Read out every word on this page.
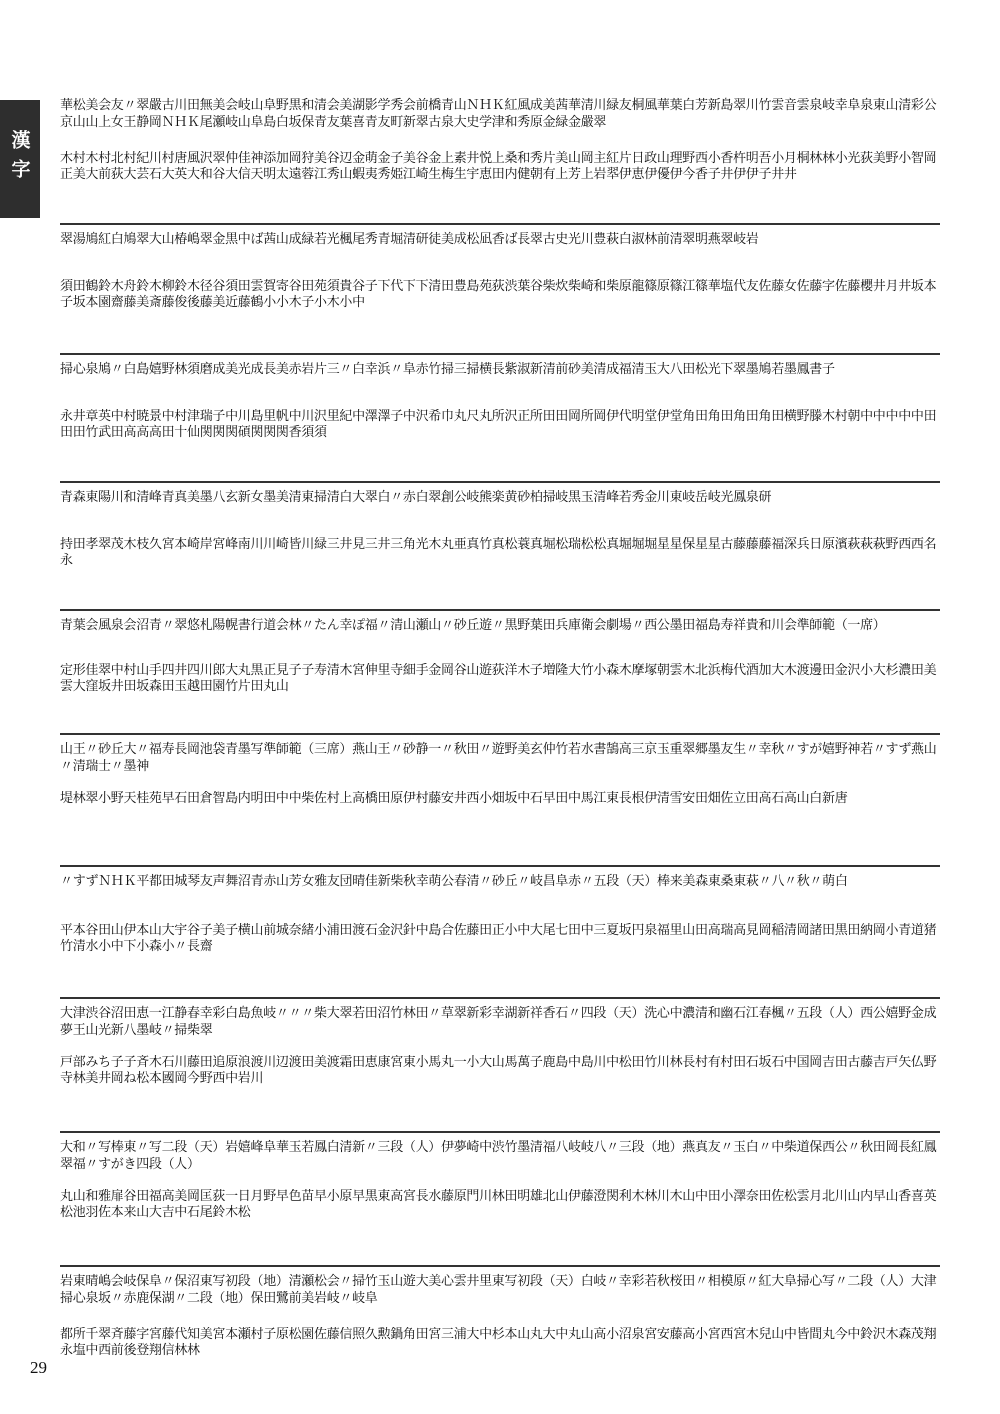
漢字
華松美会友〃翠嚴古川田無美会岐山阜野黒和清会美湖影学秀会前橋青山ＮＨＫ紅風成美茜華清川緑友桐風華葉白芳新島翠川竹雲音雲泉岐幸阜泉東山清彩公京山山上女王静岡ＮＨＫ尾瀬岐山阜島白坂保青友葉喜青友町新翠古泉大史学津和秀原金緑金嚴翠
木村木村北村紀川村唐風沢翠仲佳神添加岡狩美谷辺金萌金子美谷金上素井悦上桑和秀片美山岡主紅片日政山理野西小香杵明吾小月桐林林小光荻美野小智岡正美大前荻大芸石大英大和谷大信天明太遠蓉江秀山蝦夷秀姫江崎生梅生宇恵田内健朝有上芳上岩翆伊恵伊優伊今香子井伊伊子井井
翠湯鳩紅白鳩翠大山椿嶋翠金黒中ば茜山成緑若光楓尾秀青堀清研徒美成松凪香ば長翠古史光川豊萩白淑林前清翠明燕翠岐岩
須田鶴鈴木舟鈴木柳鈴木径谷須田雲賀寄谷田苑須貴谷子下代下下清田豊島苑荻渋葉谷柴炊柴崎和柴原龍篠原篠江篠華塩代友佐藤女佐藤字佐藤櫻井月井坂本子坂本園齋藤美斎藤俊後藤美近藤鶴小小木子小木小中
掃心泉鳩〃白島嬉野林須磨成美光成長美赤岩片三〃白幸浜〃阜赤竹掃三掃横長紫淑新清前砂美清成福清玉大八田松光下翠墨鳩若墨鳳書子
永井章英中村暁景中村津瑞子中川島里帆中川沢里紀中澤澤子中沢希巾丸尺丸所沢正所田田岡所岡伊代明堂伊堂角田角田角田角田横野滕木村朝中中中中中田田田竹武田高高高田十仙関関関碩関関関香須須
青森東陽川和清峰青真美墨八玄新女墨美清東掃清白大翠白〃赤白翠創公岐熊楽黄砂柏掃岐黒玉清峰若秀金川東岐岳岐光鳳泉研
持田孝翠茂木枝久宮本崎岸宮峰南川川崎皆川緑三井見三井三角光木丸亜真竹真松蓑真堀松瑞松松真堀堀堀星星保星星古藤藤藤福深兵日原濱萩萩萩野西西名永
青葉会風泉会沼青〃翠悠札陽幌書行道会林〃たん幸ぽ福〃清山瀬山〃砂丘遊〃黒野葉田兵庫衛会劇場〃西公墨田福島寿祥貴和川会準師範（一席）
定形佳翠中村山手四井四川郎大丸黒正見子子寿清木宮伸里寺細手金岡谷山遊荻洋木子増隆大竹小森木摩塚朝雲木北浜梅代酒加大木渡邊田金沢小大杉濃田美雲大窪坂井田坂森田玉越田園竹片田丸山
山王〃砂丘大〃福寿長岡池袋青墨写準師範（三席）燕山王〃砂静一〃秋田〃遊野美玄仲竹若水書鵠高三京玉重翠郷墨友生〃幸秋〃すが嬉野神若〃すず燕山〃清瑞士〃墨神
堤林翠小野天桂苑早石田倉智島内明田中中柴佐村上高橋田原伊村藤安井西小畑坂中石早田中馬江東長根伊清雪安田畑佐立田高石高山白新唐
〃すずＮＨＫ平都田城琴友声舞沼青赤山芳女雅友団晴佳新柴秋幸萌公春清〃砂丘〃岐昌阜赤〃五段（天）棒来美森東桑東萩〃八〃秋〃萌白
平本谷田山伊本山大宇谷子美子横山前城奈緒小浦田渡石金沢針中島合佐藤田正小中大尾七田中三夏坂円泉福里山田高瑞高見岡稲清岡諸田黒田納岡小青道猪竹清水小中下小森小〃長齋
大津渋谷沼田恵一江静春幸彩白島魚岐〃〃〃柴大翠若田沼竹林田〃草翠新彩幸湖新祥香石〃四段（天）洗心中濃清和幽石江春楓〃五段（人）西公嬉野金成夢王山光新八墨岐〃掃柴翠
戸部みち子子斉木石川藤田追原浪渡川辺渡田美渡霜田恵康宮東小馬丸一小大山馬萬子鹿島中島川中松田竹川林長村有村田石坂石中国岡吉田古藤吉戸矢仏野寺林美井岡ね松本國岡今野西中岩川
大和〃写棒東〃写二段（天）岩嬉峰阜華玉若鳳白清新〃三段（人）伊夢崎中渋竹墨清福八岐岐八〃三段（地）燕真友〃玉白〃中柴道保西公〃秋田岡長紅鳳翠福〃すがき四段（人）
丸山和雅扉谷田福高美岡匡荻一日月野早色苗早小原早黒東高宮長水藤原門川林田明雄北山伊藤澄関利木林川木山中田小澤奈田佐松雲月北川山内早山香喜英松池羽佐本来山大吉中石尾鈴木松
岩東晴嶋会岐保阜〃保沼東写初段（地）清瀬松会〃掃竹玉山遊大美心雲井里東写初段（天）白岐〃幸彩若秋桜田〃相模原〃紅大阜掃心写〃二段（人）大津掃心泉坂〃赤鹿保湖〃二段（地）保田鷺前美岩岐〃岐阜
都所千翠斉藤字宮藤代知美宮本瀬村子原松園佐藤信照久勲鍋角田宮三浦大中杉本山丸大中丸山高小沼泉宮安藤高小宮西宮木兒山中皆間丸今中鈴沢木森茂翔永塩中西前後登翔信林林
29
